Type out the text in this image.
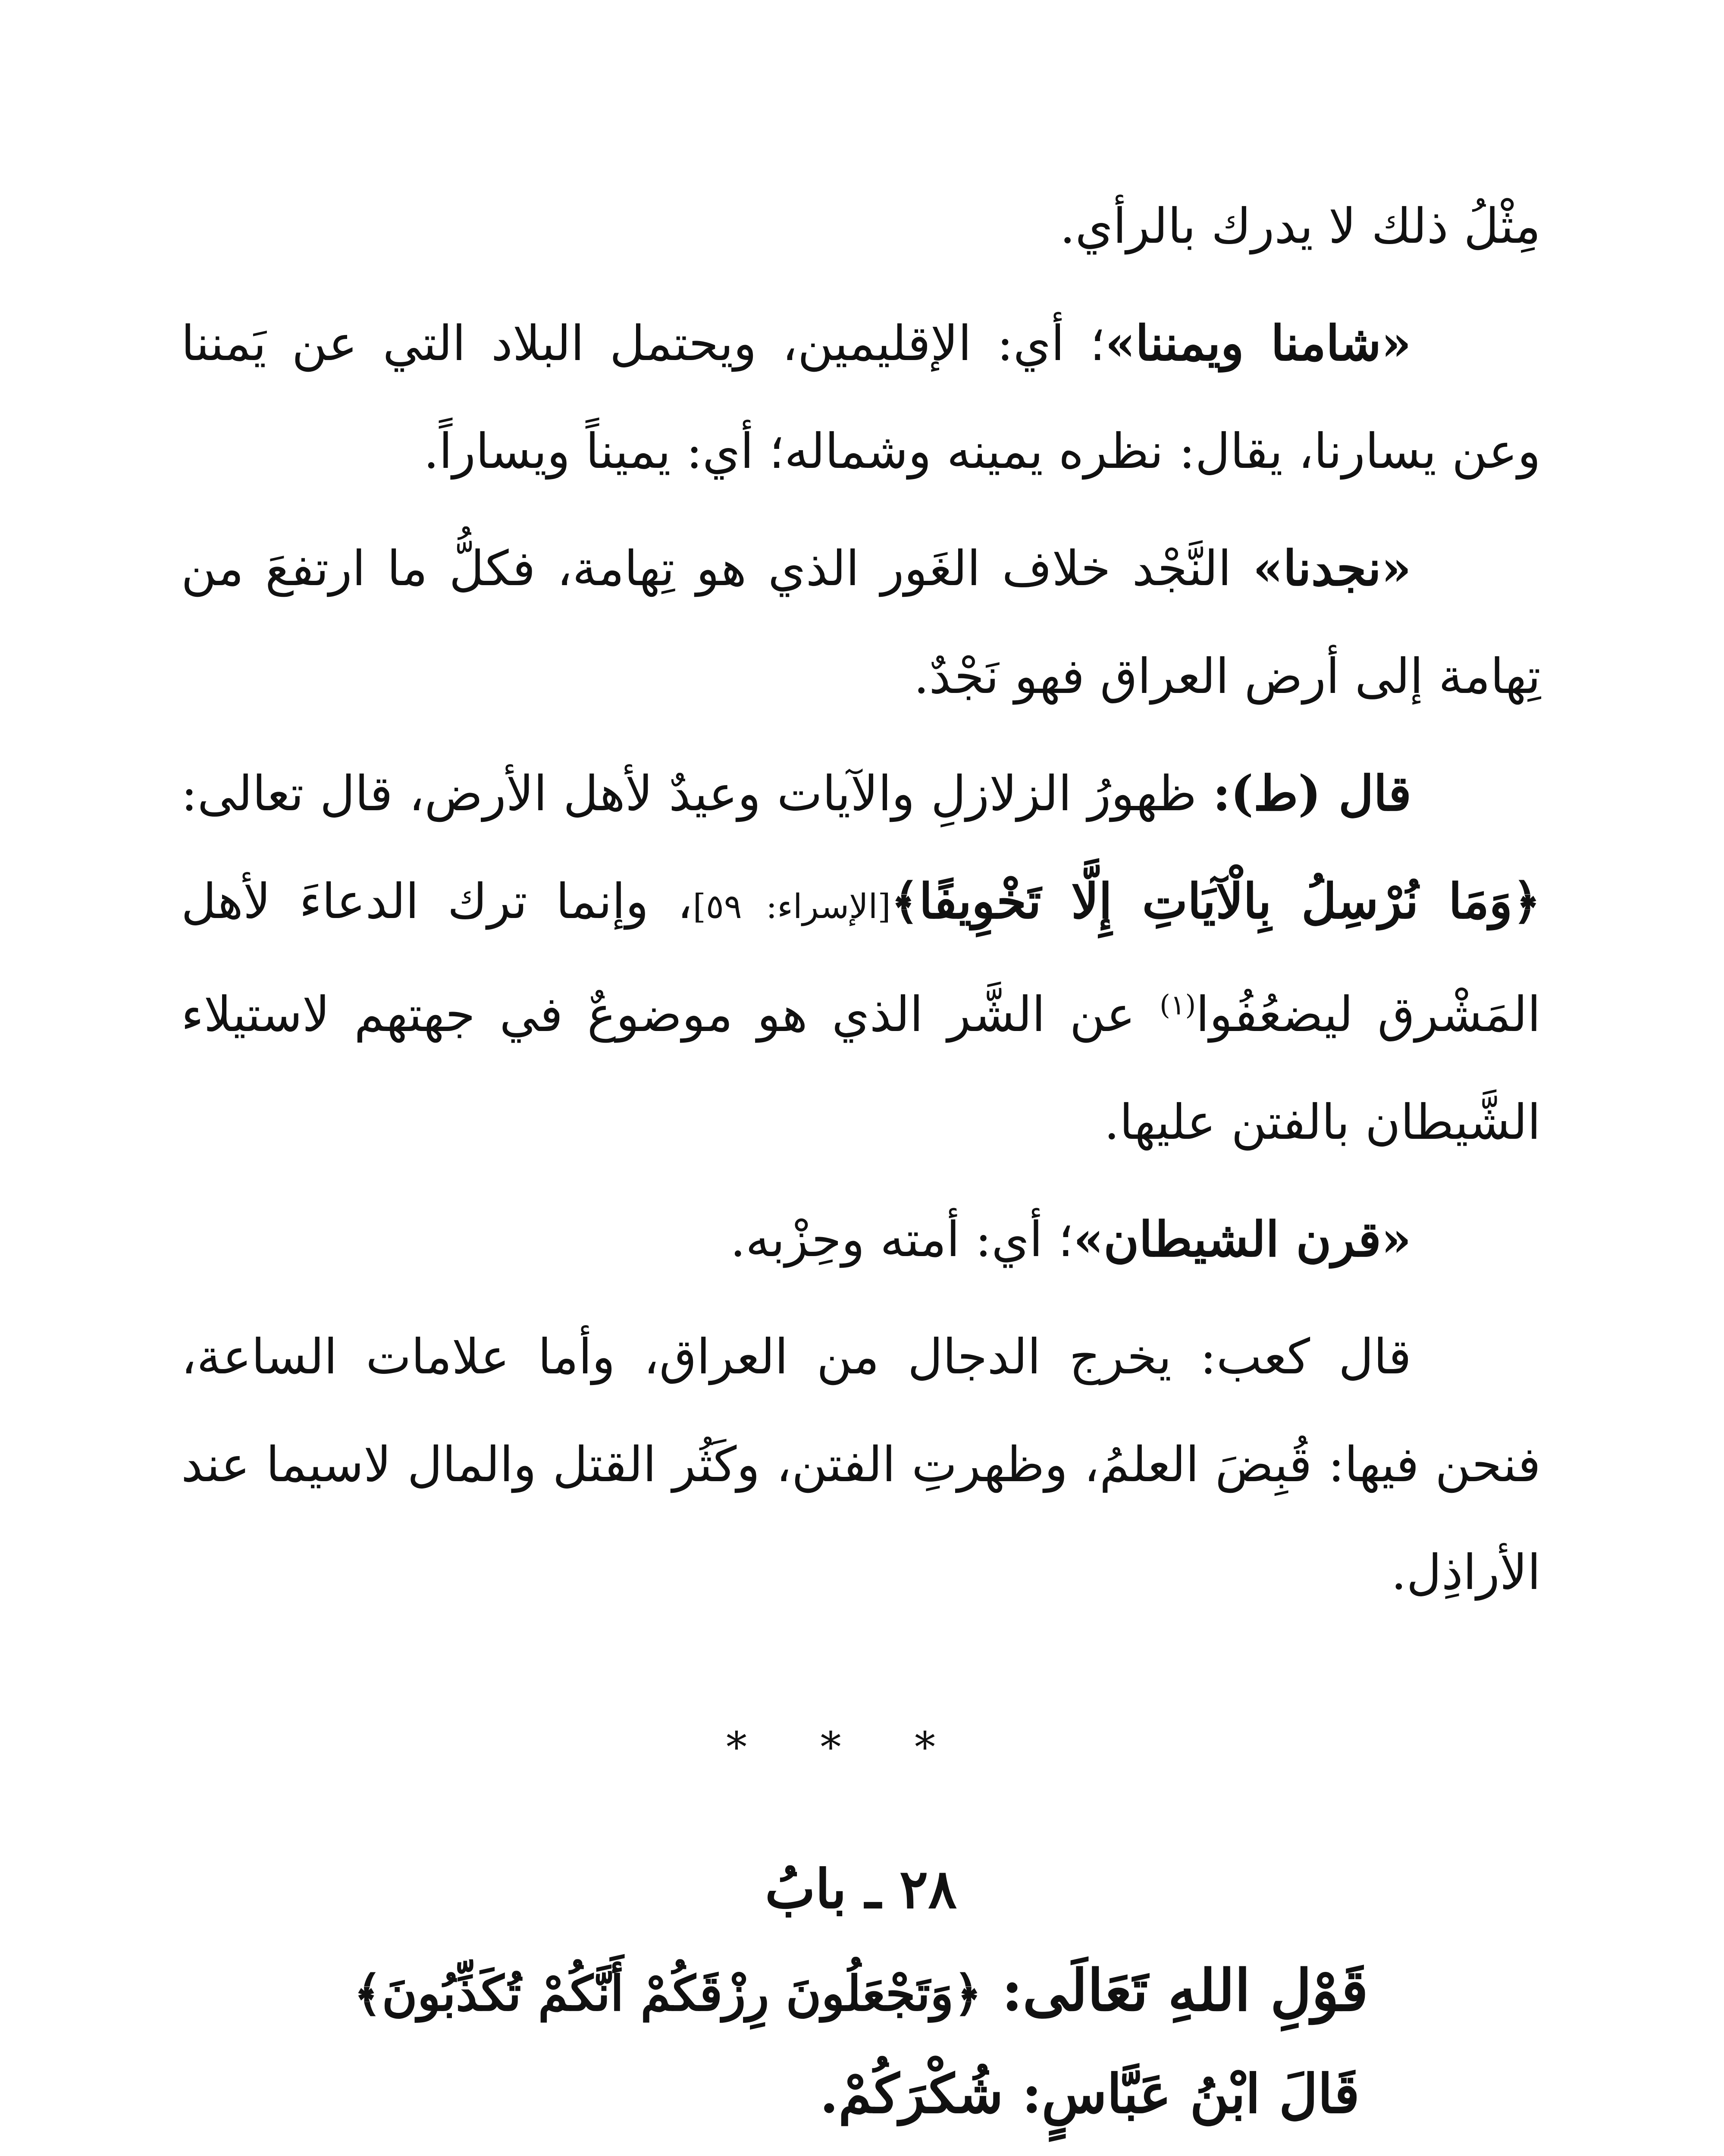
مِثْلُ ذلك لا يدرك بالرأي.

«شامنا ويمننا»؛ أي: الإقليمين، ويحتمل البلاد التي عن يَمننا وعن يسارنا، يقال: نظره يمينه وشماله؛ أي: يميناً ويساراً.

«نجدنا» النَّجْد خلاف الغَور الذي هو تِهامة، فكلُّ ما ارتفعَ من تِهامة إلى أرض العراق فهو نَجْدٌ.

قال (ط): ظهورُ الزلازلِ والآيات وعيدٌ لأهل الأرض، قال تعالى: ﴿وَمَا نُرْسِلُ بِالْآيَاتِ إِلَّا تَخْوِيفًا﴾[الإسراء: ٥٩]، وإنما ترك الدعاءَ لأهل المَشْرق ليضعُفُوا$^{(١)}$ عن الشَّر الذي هو موضوعٌ في جهتهم لاستيلاء الشَّيطان بالفتن عليها.

«قرن الشيطان»؛ أي: أمته وحِزْبه.

قال كعب: يخرج الدجال من العراق، وأما علامات الساعة، فنحن فيها: قُبِضَ العلمُ، وظهرتِ الفتن، وكَثُر القتل والمال لاسيما عند الأراذِل.

* * *
٢٨ ـ بابُ
قَوْلِ اللهِ تَعَالَى: ﴿وَتَجْعَلُونَ رِزْقَكُمْ أَنَّكُمْ تُكَذِّبُونَ﴾
قَالَ ابْنُ عَبَّاسٍ: شُكْرَكُمْ.
